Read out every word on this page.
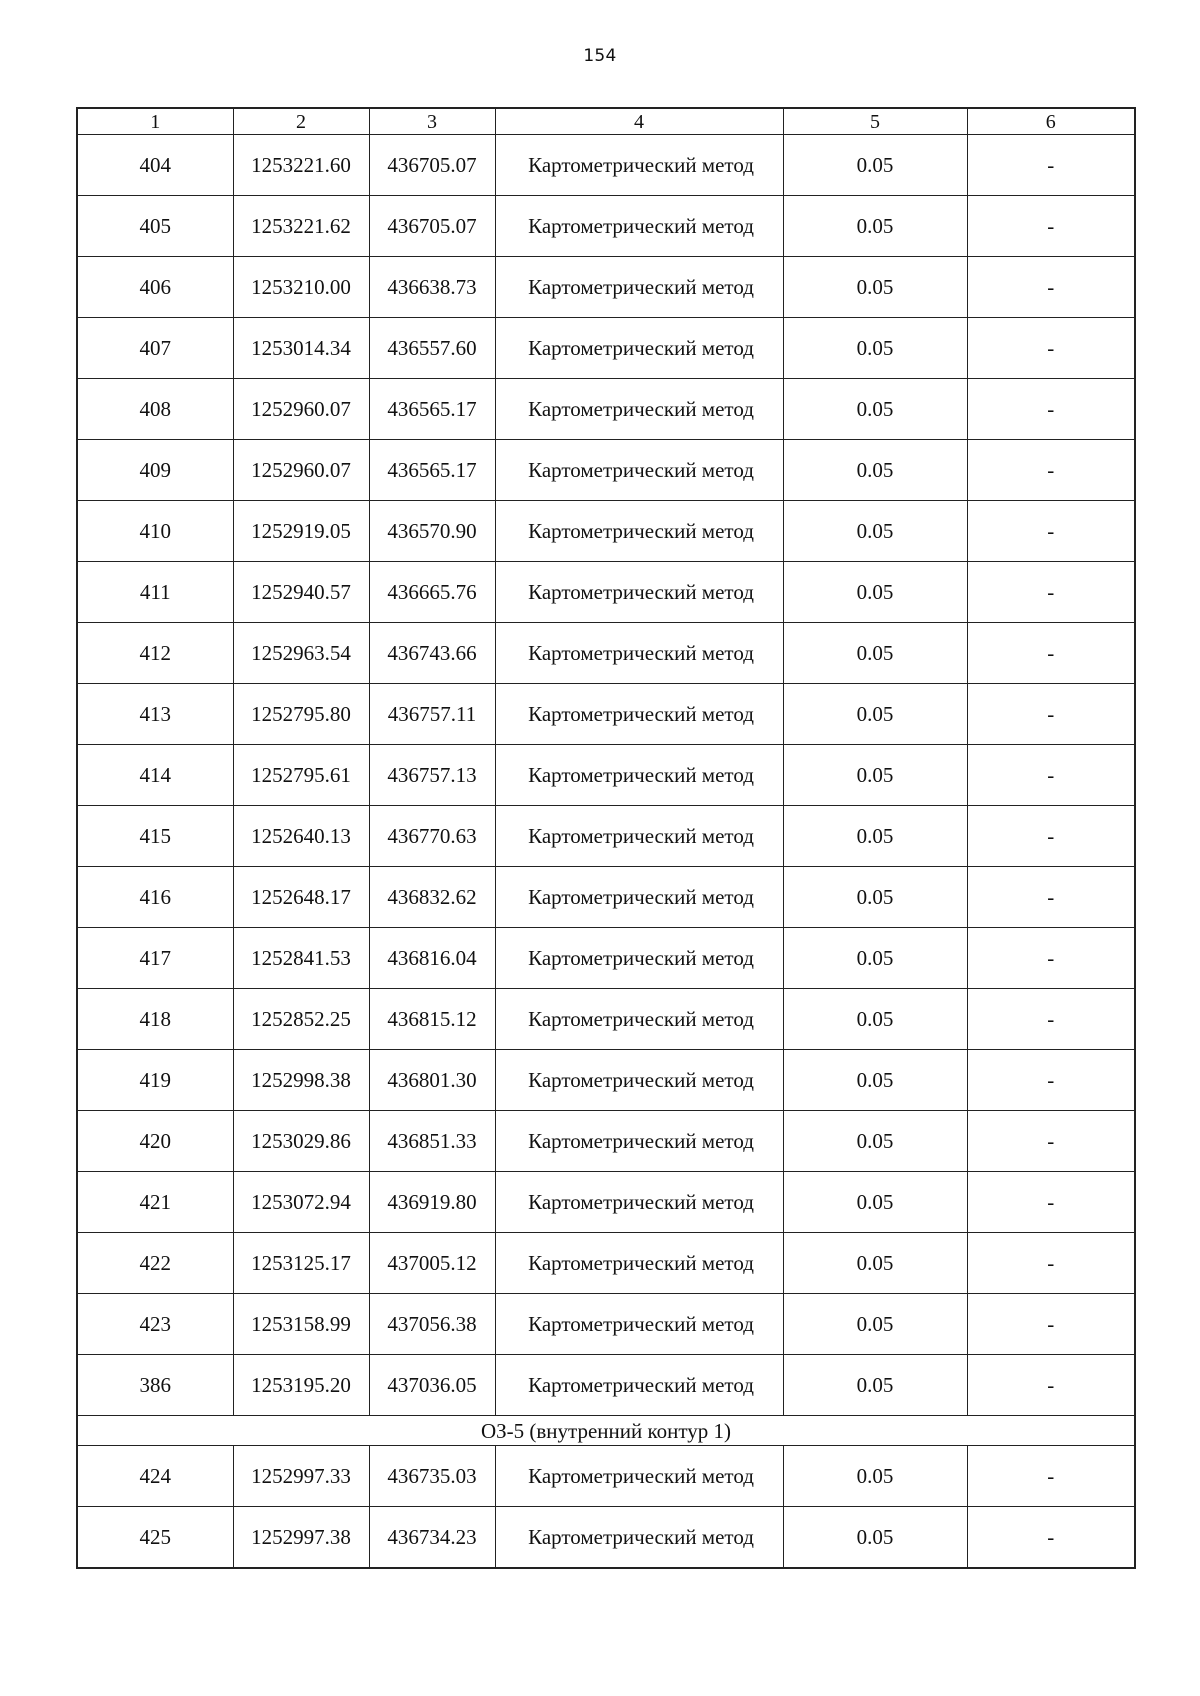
154
1	2	3	4	5	6
404	1253221.60	436705.07	Картометрический метод	0.05	-
405	1253221.62	436705.07	Картометрический метод	0.05	-
406	1253210.00	436638.73	Картометрический метод	0.05	-
407	1253014.34	436557.60	Картометрический метод	0.05	-
408	1252960.07	436565.17	Картометрический метод	0.05	-
409	1252960.07	436565.17	Картометрический метод	0.05	-
410	1252919.05	436570.90	Картометрический метод	0.05	-
411	1252940.57	436665.76	Картометрический метод	0.05	-
412	1252963.54	436743.66	Картометрический метод	0.05	-
413	1252795.80	436757.11	Картометрический метод	0.05	-
414	1252795.61	436757.13	Картометрический метод	0.05	-
415	1252640.13	436770.63	Картометрический метод	0.05	-
416	1252648.17	436832.62	Картометрический метод	0.05	-
417	1252841.53	436816.04	Картометрический метод	0.05	-
418	1252852.25	436815.12	Картометрический метод	0.05	-
419	1252998.38	436801.30	Картометрический метод	0.05	-
420	1253029.86	436851.33	Картометрический метод	0.05	-
421	1253072.94	436919.80	Картометрический метод	0.05	-
422	1253125.17	437005.12	Картометрический метод	0.05	-
423	1253158.99	437056.38	Картометрический метод	0.05	-
386	1253195.20	437036.05	Картометрический метод	0.05	-
ОЗ-5 (внутренний контур 1)					
424	1252997.33	436735.03	Картометрический метод	0.05	-
425	1252997.38	436734.23	Картометрический метод	0.05	-
